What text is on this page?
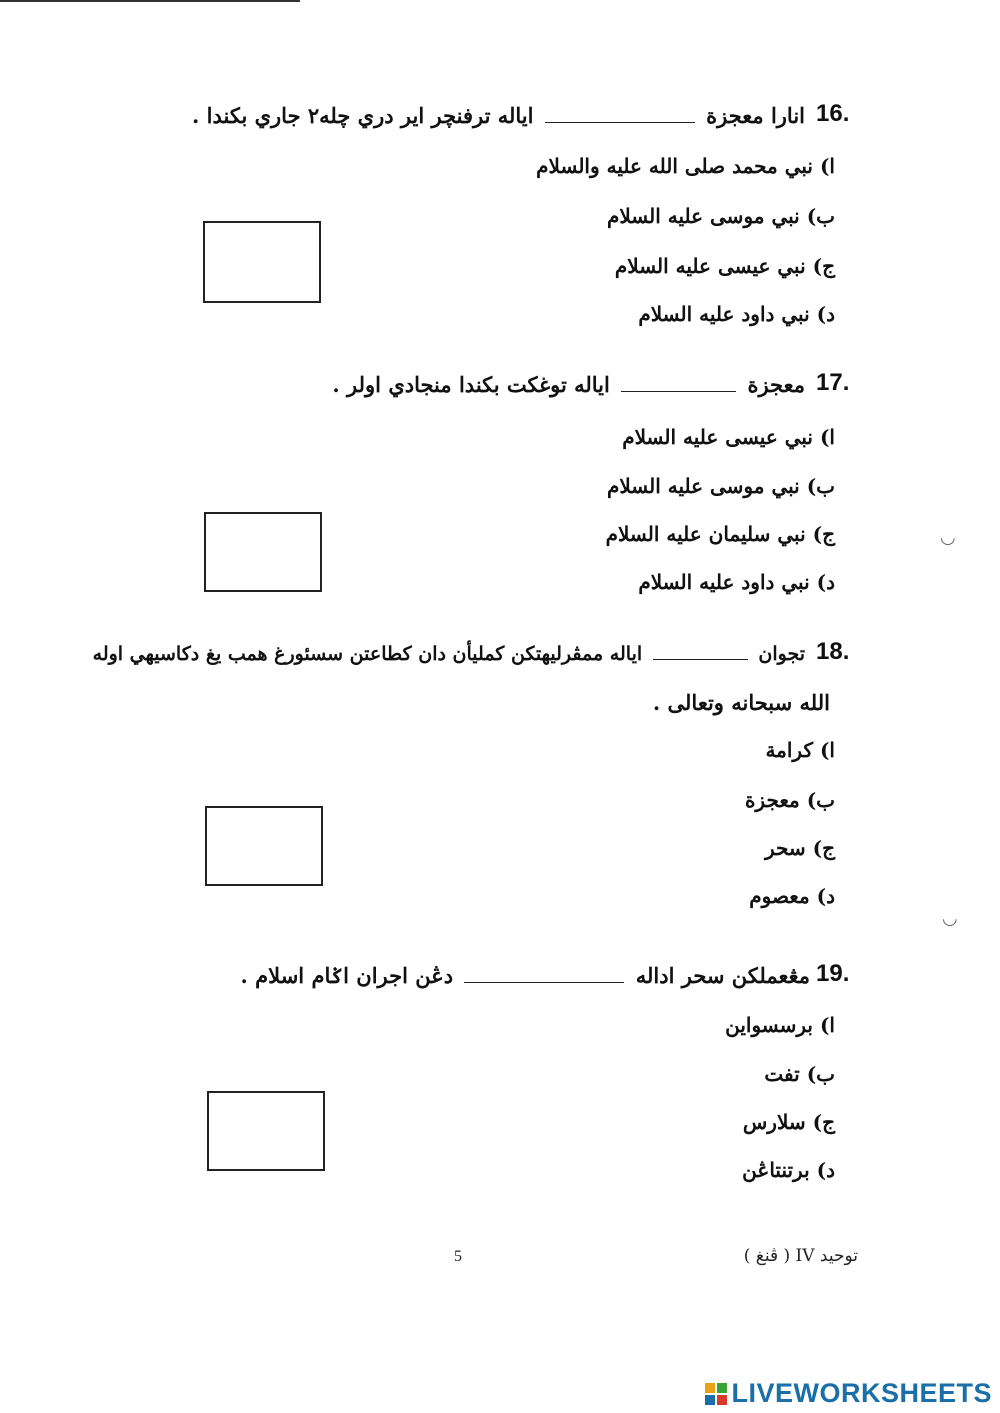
16.
انارا معجزة  اياله ترفنچر اير دري چله٢ جاري بکندا .
ا) نبي محمد صلى الله عليه والسلام
ب) نبي موسى عليه السلام
ج) نبي عيسى عليه السلام
د) نبي داود عليه السلام
17.
معجزة  اياله توغکت بکندا منجادي اولر .
ا) نبي عيسى عليه السلام
ب) نبي موسى عليه السلام
ج) نبي سليمان عليه السلام
د) نبي داود عليه السلام
18.
تجوان  اياله ممڤرليهتکن کمليأن دان کطاعتن سسئورغ همب يغ دکاسيهي اوله
الله سبحانه وتعالى .
ا) کرامة
ب) معجزة
ج) سحر
د) معصوم
19.
مڠعملکن سحر اداله  دڠن اجران اݢام اسلام .
ا) برسسواين
ب) تفت
ج) سلارس
د) برتنتاڠن
◡
◡
5	توحيد IV ( ڤنغ )
LIVEWORKSHEETS
